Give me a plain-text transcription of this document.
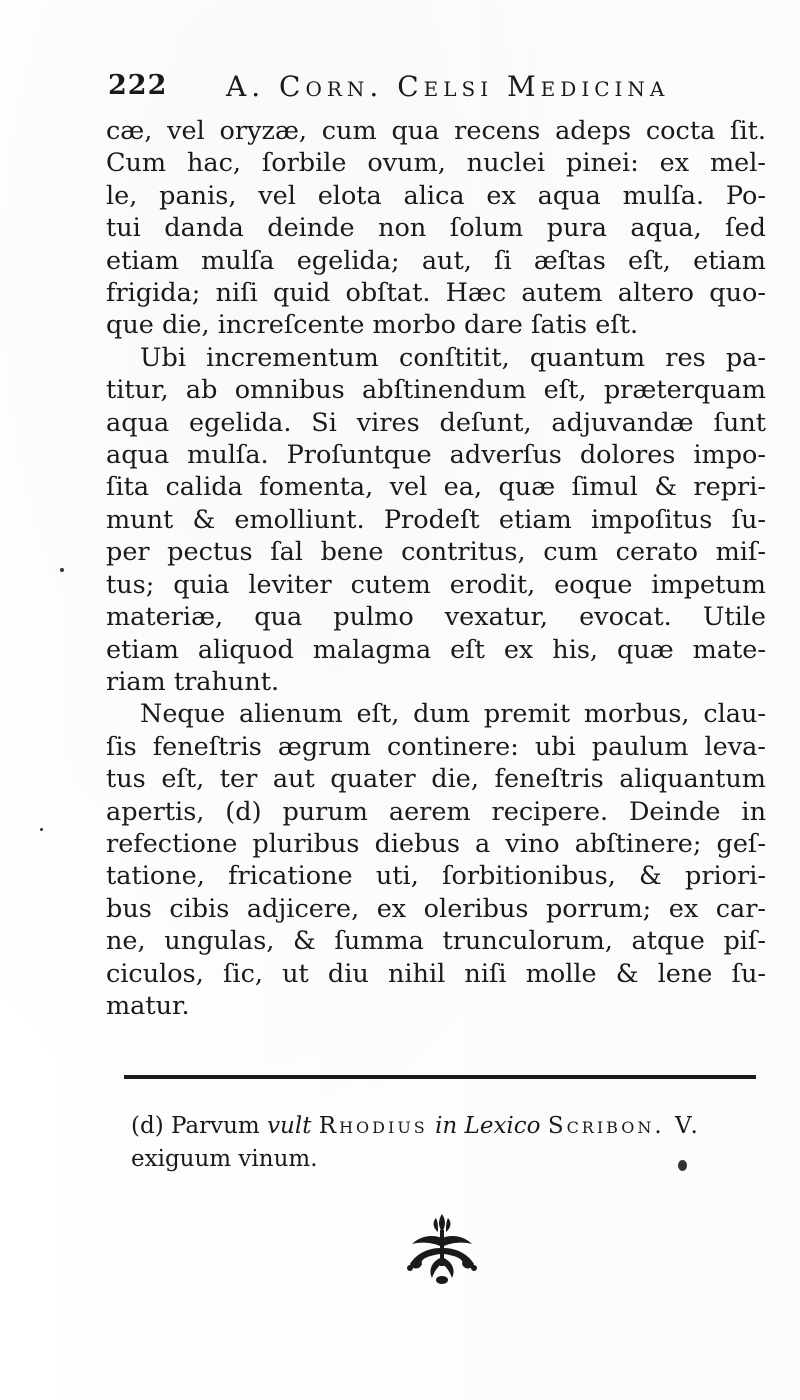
222 A. Corn. Celsi Medicina
cæ, vel oryzæ, cum qua recens adeps cocta ſit.
Cum hac, ſorbile ovum, nuclei pinei: ex mel-
le, panis, vel elota alica ex aqua mulſa. Po-
tui danda deinde non ſolum pura aqua, ſed
etiam mulſa egelida; aut, ſi æſtas eſt, etiam
frigida; niſi quid obſtat. Hæc autem altero quo-
que die, increſcente morbo dare ſatis eſt.
Ubi incrementum conſtitit, quantum res pa-
titur, ab omnibus abſtinendum eſt, præterquam
aqua egelida. Si vires deſunt, adjuvandæ ſunt
aqua mulſa. Proſuntque adverſus dolores impo-
ſita calida fomenta, vel ea, quæ ſimul & repri-
munt & emolliunt. Prodeſt etiam impoſitus ſu-
per pectus ſal bene contritus, cum cerato miſ-
tus; quia leviter cutem erodit, eoque impetum
materiæ, qua pulmo vexatur, evocat. Utile
etiam aliquod malagma eſt ex his, quæ mate-
riam trahunt.
Neque alienum eſt, dum premit morbus, clau-
ſis feneſtris ægrum continere: ubi paulum leva-
tus eſt, ter aut quater die, feneſtris aliquantum
apertis, (d) purum aerem recipere. Deinde in
refectione pluribus diebus a vino abſtinere; geſ-
tatione, fricatione uti, ſorbitionibus, & priori-
bus cibis adjicere, ex oleribus porrum; ex car-
ne, ungulas, & ſumma trunculorum, atque piſ-
ciculos, ſic, ut diu nihil niſi molle & lene ſu-
matur.
(d) Parvum vult Rhodius in Lexico Scribon. V.
exiguum vinum.
